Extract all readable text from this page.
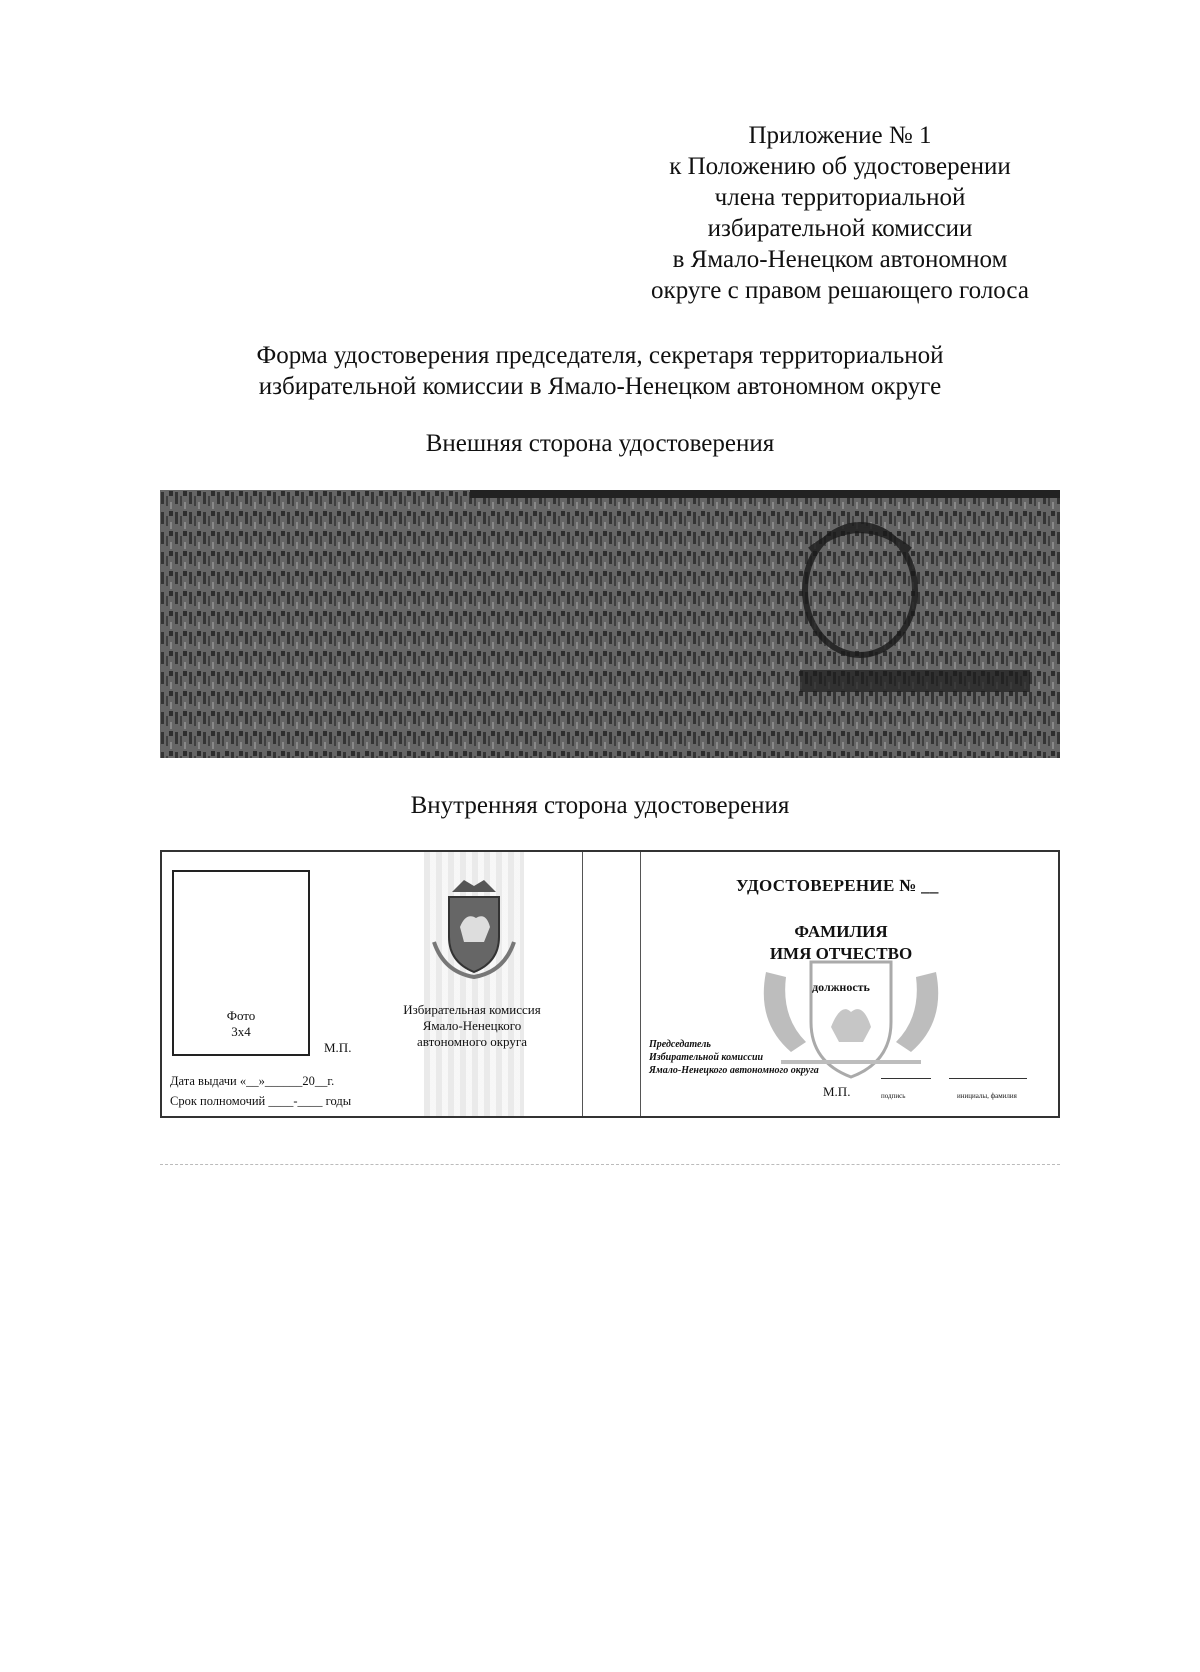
Приложение № 1
к Положению об удостоверении
члена территориальной
избирательной комиссии
в Ямало-Ненецком автономном
округе с правом решающего голоса
Форма удостоверения председателя, секретаря территориальной
избирательной комиссии в Ямало-Ненецком автономном округе
Внешняя сторона удостоверения
Внутренняя сторона удостоверения
Фото
3х4
М.П.
Избирательная комиссия
Ямало-Ненецкого
автономного округа
Дата выдачи «__»______20__г.
Срок полномочий ____-____ годы
УДОСТОВЕРЕНИЕ № __
ФАМИЛИЯ
ИМЯ ОТЧЕСТВО
должность
Председатель
Избирательной комиссии
Ямало-Ненецкого автономного округа
М.П.	подпись	инициалы, фамилия
